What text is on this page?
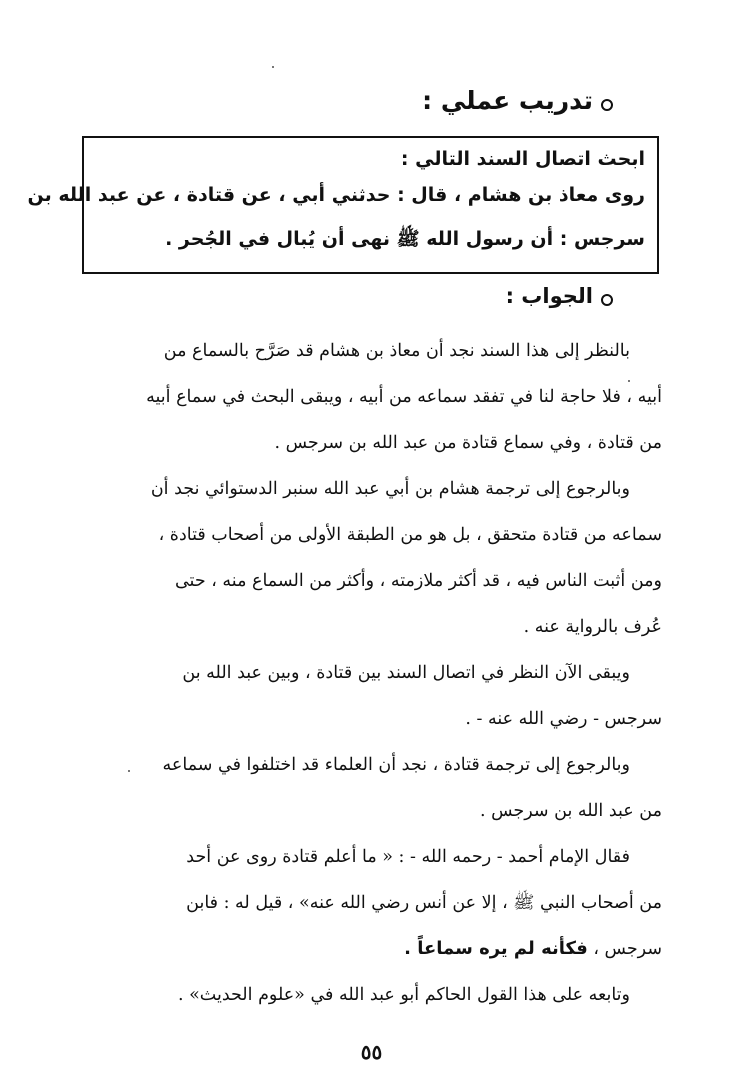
تدريب عملي :
ابحث اتصال السند التالي :
روى معاذ بن هشام ، قال : حدثني أبي ، عن قتادة ، عن عبد الله بن
سرجس : أن رسول الله ﷺ نهى أن يُبال في الجُحر .
الجواب :
بالنظر إلى هذا السند نجد أن معاذ بن هشام قد صَرَّح بالسماع من
أبيه ، فلا حاجة لنا في تفقد سماعه من أبيه ، ويبقى البحث في سماع أبيه
من قتادة ، وفي سماع قتادة من عبد الله بن سرجس .
وبالرجوع إلى ترجمة هشام بن أبي عبد الله سنبر الدستوائي نجد أن
سماعه من قتادة متحقق ، بل هو من الطبقة الأولى من أصحاب قتادة ،
ومن أثبت الناس فيه ، قد أكثر ملازمته ، وأكثر من السماع منه ، حتى
عُرف بالرواية عنه .
ويبقى الآن النظر في اتصال السند بين قتادة ، وبين عبد الله بن
سرجس - رضي الله عنه - .
وبالرجوع إلى ترجمة قتادة ، نجد أن العلماء قد اختلفوا في سماعه
من عبد الله بن سرجس .
فقال الإمام أحمد - رحمه الله - : « ما أعلم قتادة روى عن أحد
من أصحاب النبي ﷺ ، إلا عن أنس رضي الله عنه» ، قيل له : فابن
سرجس ، فكأنه لم يره سماعاً .
وتابعه على هذا القول الحاكم أبو عبد الله في «علوم الحديث» .
٥٥
